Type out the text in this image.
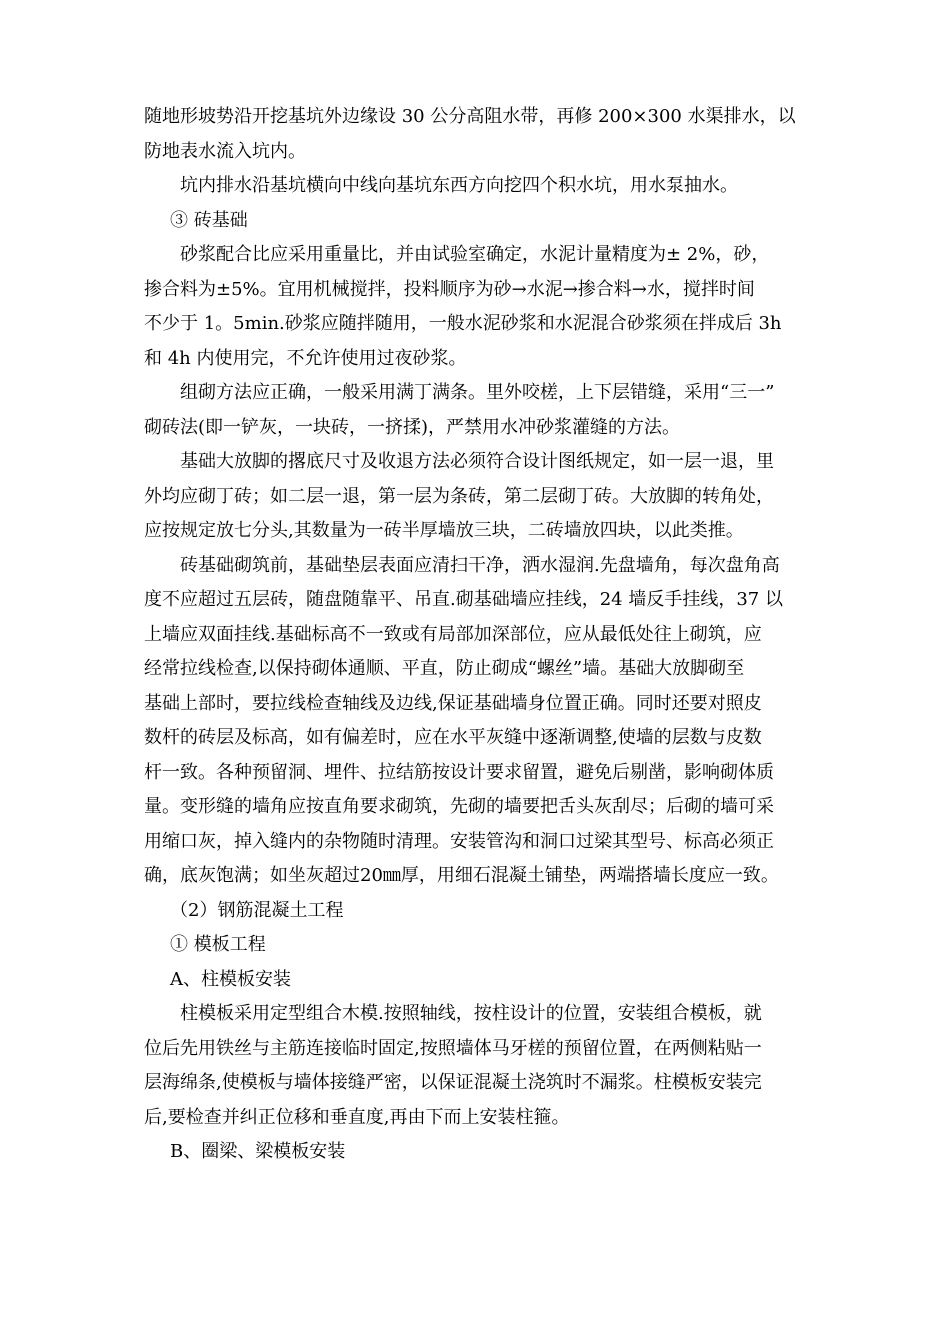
随地形坡势沿开挖基坑外边缘设 30 公分高阻水带，再修 200×300 水渠排水，以
防地表水流入坑内。

坑内排水沿基坑横向中线向基坑东西方向挖四个积水坑，用水泵抽水。

③ 砖基础

砂浆配合比应采用重量比，并由试验室确定，水泥计量精度为± 2%，砂，
掺合料为±5%。宜用机械搅拌，投料顺序为砂→水泥→掺合料→水，搅拌时间
不少于 1。5min.砂浆应随拌随用，一般水泥砂浆和水泥混合砂浆须在拌成后 3h
和 4h 内使用完，不允许使用过夜砂浆。

组砌方法应正确，一般采用满丁满条。里外咬槎，上下层错缝，采用“三一”
砌砖法(即一铲灰，一块砖，一挤揉)，严禁用水冲砂浆灌缝的方法。

基础大放脚的撂底尺寸及收退方法必须符合设计图纸规定，如一层一退，里
外均应砌丁砖；如二层一退，第一层为条砖，第二层砌丁砖。大放脚的转角处，
应按规定放七分头,其数量为一砖半厚墙放三块，二砖墙放四块，以此类推。

砖基础砌筑前，基础垫层表面应清扫干净，洒水湿润.先盘墙角，每次盘角高
度不应超过五层砖，随盘随靠平、吊直.砌基础墙应挂线，24 墙反手挂线，37 以
上墙应双面挂线.基础标高不一致或有局部加深部位，应从最低处往上砌筑，应
经常拉线检查,以保持砌体通顺、平直，防止砌成“螺丝”墙。基础大放脚砌至
基础上部时，要拉线检查轴线及边线,保证基础墙身位置正确。同时还要对照皮
数杆的砖层及标高，如有偏差时，应在水平灰缝中逐渐调整,使墙的层数与皮数
杆一致。各种预留洞、埋件、拉结筋按设计要求留置，避免后剔凿，影响砌体质
量。变形缝的墙角应按直角要求砌筑，先砌的墙要把舌头灰刮尽；后砌的墙可采
用缩口灰，掉入缝内的杂物随时清理。安装管沟和洞口过梁其型号、标高必须正
确，底灰饱满；如坐灰超过20㎜厚，用细石混凝土铺垫，两端搭墙长度应一致。

（2）钢筋混凝土工程

① 模板工程

A、柱模板安装

柱模板采用定型组合木模.按照轴线，按柱设计的位置，安装组合模板，就
位后先用铁丝与主筋连接临时固定,按照墙体马牙槎的预留位置，在两侧粘贴一
层海绵条,使模板与墙体接缝严密，以保证混凝土浇筑时不漏浆。柱模板安装完
后,要检查并纠正位移和垂直度,再由下而上安装柱箍。

B、圈梁、梁模板安装
